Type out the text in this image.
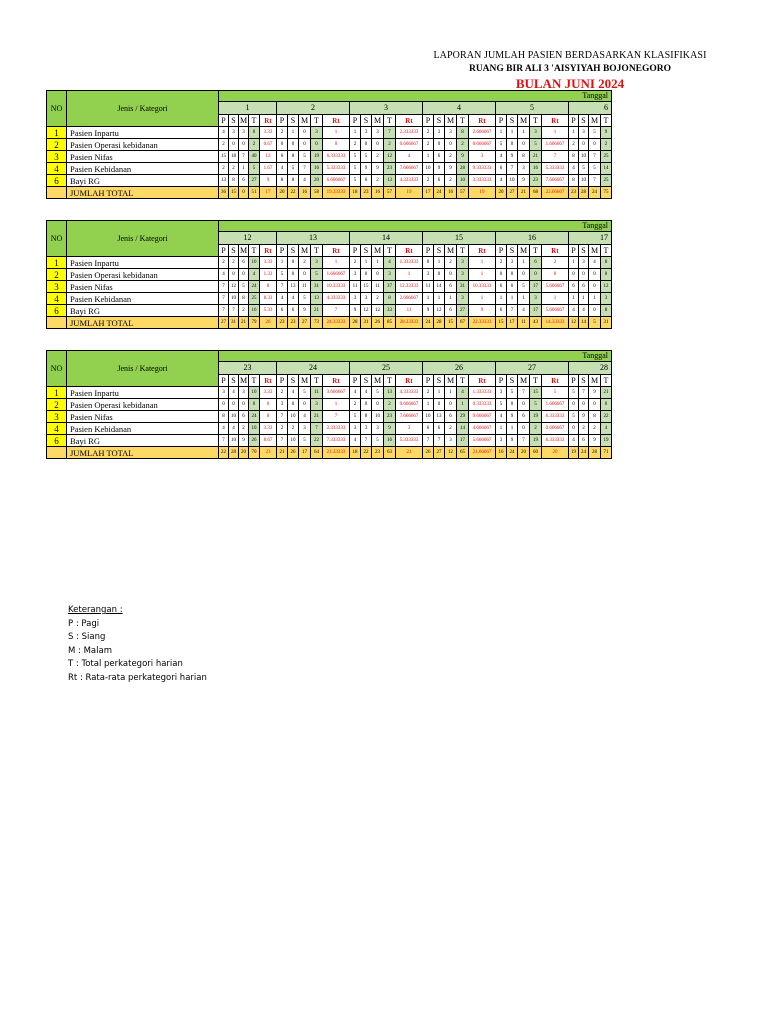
LAPORAN JUMLAH PASIEN BERDASARKAN KLASIFIKASI
RUANG BIR ALI 3 'AISYIYAH BOJONEGORO
BULAN JUNI 2024
NO	Jenis / Kategori	Tanggal																												
		1					2					3					4					5					6			
		P	S	M	T	Rt	P	S	M	T	Rt	P	S	M	T	Rt	P	S	M	T	Rt	P	S	M	T	Rt	P	S	M	T
1	Pasien Inpartu	4	3	3	0	3.33	2	1	0	3	1	1	3	3	7	2.333333	2	3	3	8	2.666667	1	1	1	3	1	1	3	5	9
2	Pasien Operasi kebidanan	2	0	0	2	0.67	0	0	0	0	0	2	0	0	2	0.666667	2	0	0	2	0.666667	5	0	0	5	1.666667	2	0	0	2
3	Pasien Nifas	15	18	7	40	13	6	8	5	19	6.333333	5	5	2	12	4	1	6	2	9	3	4	9	8	21	7	8	10	7	25
4	Pasien Kebidanan	2	2	1	5	1.67	4	5	7	16	5.333333	5	9	9	23	7.666667	10	9	9	28	9.333333	6	7	3	16	5.333333	4	5	5	14
6	Bayi RG	13	8	6	27	9	8	8	4	20	6.666667	5	6	2	13	4.333333	2	6	2	10	3.333333	4	10	9	23	7.666667	8	10	7	25
	JUMLAH TOTAL	36	15	0	51	17	20	22	16	58	19.33333	18	23	16	57	19	17	24	16	57	19	20	27	21	68	22.66667	23	28	24	75
NO	Jenis / Kategori	Tanggal																												
		12					13					14					15					16					17			
		P	S	M	T	Rt	P	S	M	T	Rt	P	S	M	T	Rt	P	S	M	T	Rt	P	S	M	T	Rt	P	S	M	T
1	Pasien Inpartu	2	2	6	10	3.33	1	0	2	3	1	2	1	1	4	1.333333	0	1	2	3	1	2	3	1	6	2	1	3	4	8
2	Pasien Operasi kebidanan	4	0	0	4	1.33	5	0	0	5	1.666667	3	0	0	3	1	3	0	0	3	1	0	0	0	0	0	0	0	0	0
3	Pasien Nifas	7	12	5	24	8	7	13	11	31	10.33333	11	15	11	37	12.33333	11	14	6	31	10.33333	6	6	5	17	5.666667	6	6	0	12
4	Pasien Kebidanan	7	10	8	25	8.33	4	4	5	13	4.333333	3	3	2	8	2.666667	1	1	1	3	1	1	1	1	3	1	1	1	1	3
6	Bayi RG	7	7	2	16	5.33	6	6	9	21	7	9	12	12	33	11	9	12	6	27	9	6	7	4	17	5.666667	4	4	0	8
	JUMLAH TOTAL	27	31	21	79	26	23	23	27	73	24.33333	28	31	26	85	28.33333	24	28	15	67	22.33333	15	17	11	43	14.33333	12	14	5	31
NO	Jenis / Kategori	Tanggal																												
		23					24					25					26					27					28			
		P	S	M	T	Rt	P	S	M	T	Rt	P	S	M	T	Rt	P	S	M	T	Rt	P	S	M	T	Rt	P	S	M	T
1	Pasien Inpartu	3	4	3	10	3.33	2	4	5	11	3.666667	4	4	5	13	4.333333	2	1	1	4	1.333333	3	5	7	15	5	5	7	9	21
2	Pasien Operasi kebidanan	0	0	0	0	0	3	0	0	3	1	2	0	0	2	0.666667	1	0	0	1	0.333333	5	0	0	5	1.666667	0	0	0	0
3	Pasien Nifas	8	10	6	24	8	7	10	4	21	7	5	8	10	23	7.666667	10	13	6	29	9.666667	4	9	6	19	6.333333	5	9	8	22
4	Pasien Kebidanan	4	4	2	10	3.33	2	2	3	7	2.333333	3	3	3	9	3	6	6	2	14	4.666667	1	1	0	2	0.666667	0	2	2	4
6	Bayi RG	7	10	9	26	8.67	7	10	5	22	7.333333	4	7	5	16	5.333333	7	7	3	17	5.666667	3	9	7	19	6.333333	4	6	9	19
	JUMLAH TOTAL	22	28	20	70	23	21	26	17	64	21.33333	18	22	23	63	21	26	27	12	65	21.66667	16	24	20	60	20	19	24	28	71
Keterangan :
P : Pagi
S : Siang
M : Malam
T : Total perkategori harian
Rt : Rata-rata perkategori harian
